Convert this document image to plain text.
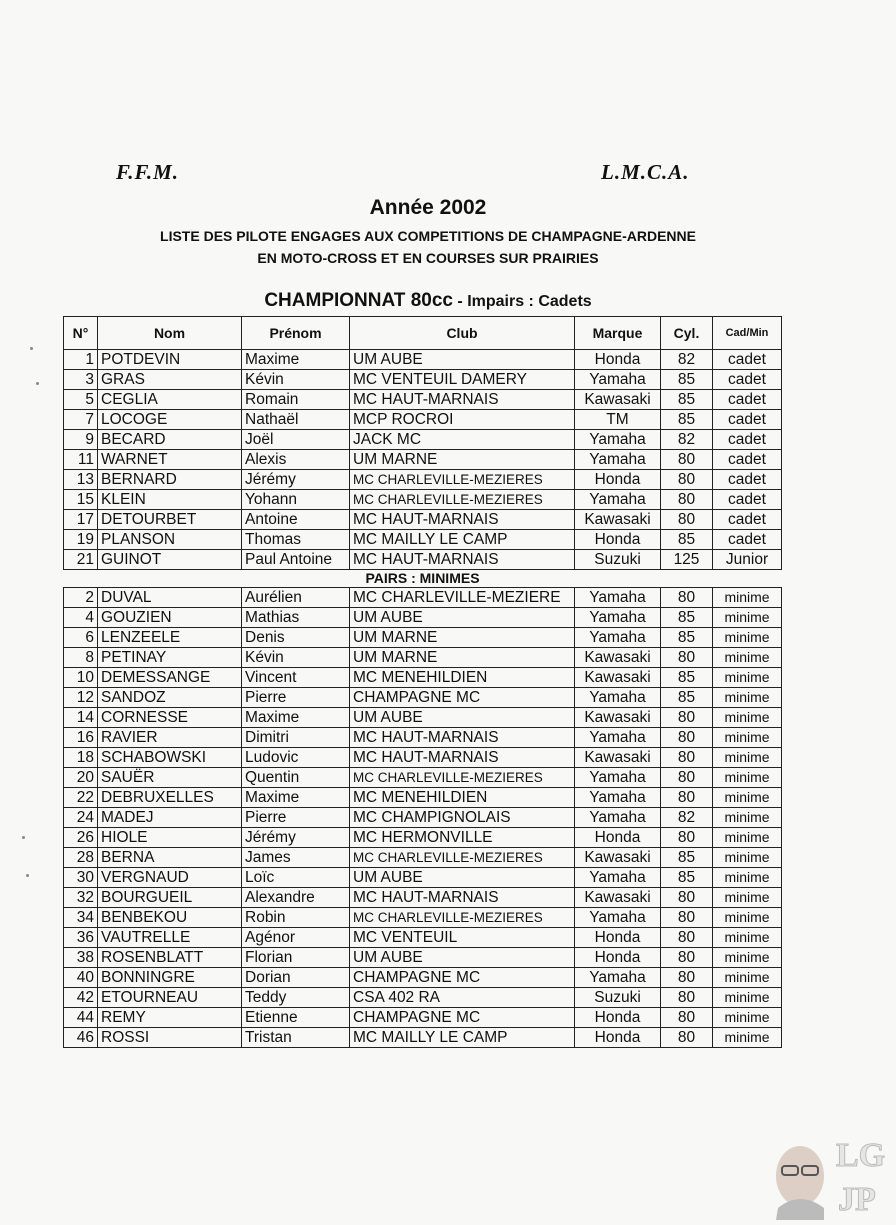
F.F.M.	L.M.C.A.
Année 2002
LISTE DES PILOTE ENGAGES AUX COMPETITIONS DE CHAMPAGNE-ARDENNE
EN MOTO-CROSS ET EN COURSES SUR PRAIRIES
CHAMPIONNAT 80cc - Impairs : Cadets
N°	Nom	Prénom	Club	Marque	Cyl.	Cad/Min
1	POTDEVIN	Maxime	UM AUBE	Honda	82	cadet
3	GRAS	Kévin	MC VENTEUIL DAMERY	Yamaha	85	cadet
5	CEGLIA	Romain	MC HAUT-MARNAIS	Kawasaki	85	cadet
7	LOCOGE	Nathaël	MCP ROCROI	TM	85	cadet
9	BECARD	Joël	JACK MC	Yamaha	82	cadet
11	WARNET	Alexis	UM MARNE	Yamaha	80	cadet
13	BERNARD	Jérémy	MC CHARLEVILLE-MEZIERES	Honda	80	cadet
15	KLEIN	Yohann	MC CHARLEVILLE-MEZIERES	Yamaha	80	cadet
17	DETOURBET	Antoine	MC HAUT-MARNAIS	Kawasaki	80	cadet
19	PLANSON	Thomas	MC MAILLY LE CAMP	Honda	85	cadet
21	GUINOT	Paul Antoine	MC HAUT-MARNAIS	Suzuki	125	Junior
PAIRS : MINIMES						
2	DUVAL	Aurélien	MC CHARLEVILLE-MEZIERE	Yamaha	80	minime
4	GOUZIEN	Mathias	UM AUBE	Yamaha	85	minime
6	LENZEELE	Denis	UM MARNE	Yamaha	85	minime
8	PETINAY	Kévin	UM MARNE	Kawasaki	80	minime
10	DEMESSANGE	Vincent	MC MENEHILDIEN	Kawasaki	85	minime
12	SANDOZ	Pierre	CHAMPAGNE MC	Yamaha	85	minime
14	CORNESSE	Maxime	UM AUBE	Kawasaki	80	minime
16	RAVIER	Dimitri	MC HAUT-MARNAIS	Yamaha	80	minime
18	SCHABOWSKI	Ludovic	MC HAUT-MARNAIS	Kawasaki	80	minime
20	SAUËR	Quentin	MC CHARLEVILLE-MEZIERES	Yamaha	80	minime
22	DEBRUXELLES	Maxime	MC MENEHILDIEN	Yamaha	80	minime
24	MADEJ	Pierre	MC CHAMPIGNOLAIS	Yamaha	82	minime
26	HIOLE	Jérémy	MC HERMONVILLE	Honda	80	minime
28	BERNA	James	MC CHARLEVILLE-MEZIERES	Kawasaki	85	minime
30	VERGNAUD	Loïc	UM AUBE	Yamaha	85	minime
32	BOURGUEIL	Alexandre	MC HAUT-MARNAIS	Kawasaki	80	minime
34	BENBEKOU	Robin	MC CHARLEVILLE-MEZIERES	Yamaha	80	minime
36	VAUTRELLE	Agénor	MC VENTEUIL	Honda	80	minime
38	ROSENBLATT	Florian	UM AUBE	Honda	80	minime
40	BONNINGRE	Dorian	CHAMPAGNE MC	Yamaha	80	minime
42	ETOURNEAU	Teddy	CSA 402 RA	Suzuki	80	minime
44	REMY	Etienne	CHAMPAGNE MC	Honda	80	minime
46	ROSSI	Tristan	MC MAILLY LE CAMP	Honda	80	minime
LG
JP
